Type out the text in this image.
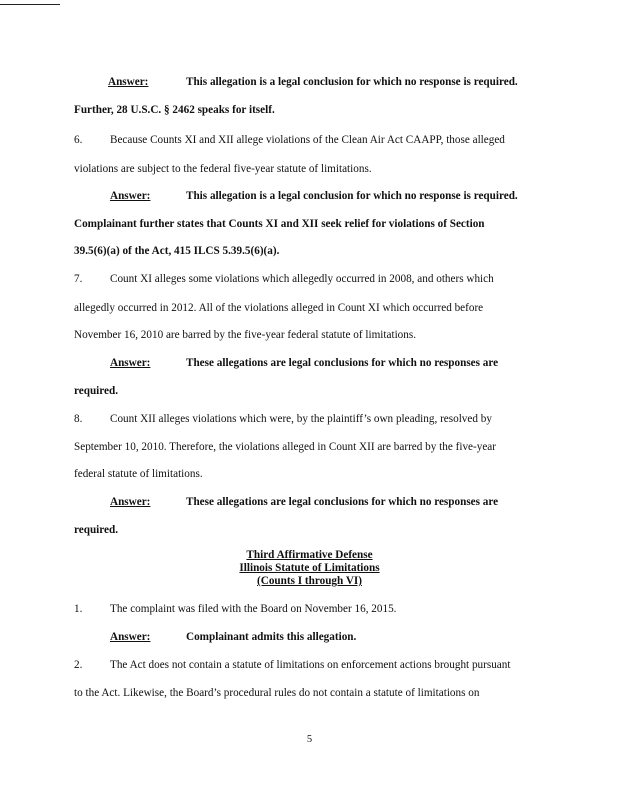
Answer:	This allegation is a legal conclusion for which no response is required.
Further, 28 U.S.C. § 2462 speaks for itself.
6. Because Counts XI and XII allege violations of the Clean Air Act CAAPP, those alleged
violations are subject to the federal five-year statute of limitations.
Answer:	This allegation is a legal conclusion for which no response is required.
Complainant further states that Counts XI and XII seek relief for violations of Section
39.5(6)(a) of the Act, 415 ILCS 5.39.5(6)(a).
7. Count XI alleges some violations which allegedly occurred in 2008, and others which
allegedly occurred in 2012. All of the violations alleged in Count XI which occurred before
November 16, 2010 are barred by the five-year federal statute of limitations.
Answer:	These allegations are legal conclusions for which no responses are
required.
8. Count XII alleges violations which were, by the plaintiff’s own pleading, resolved by
September 10, 2010. Therefore, the violations alleged in Count XII are barred by the five-year
federal statute of limitations.
Answer:	These allegations are legal conclusions for which no responses are
required.
Third Affirmative Defense
Illinois Statute of Limitations
(Counts I through VI)
1. The complaint was filed with the Board on November 16, 2015.
Answer:	Complainant admits this allegation.
2. The Act does not contain a statute of limitations on enforcement actions brought pursuant
to the Act. Likewise, the Board’s procedural rules do not contain a statute of limitations on
5
